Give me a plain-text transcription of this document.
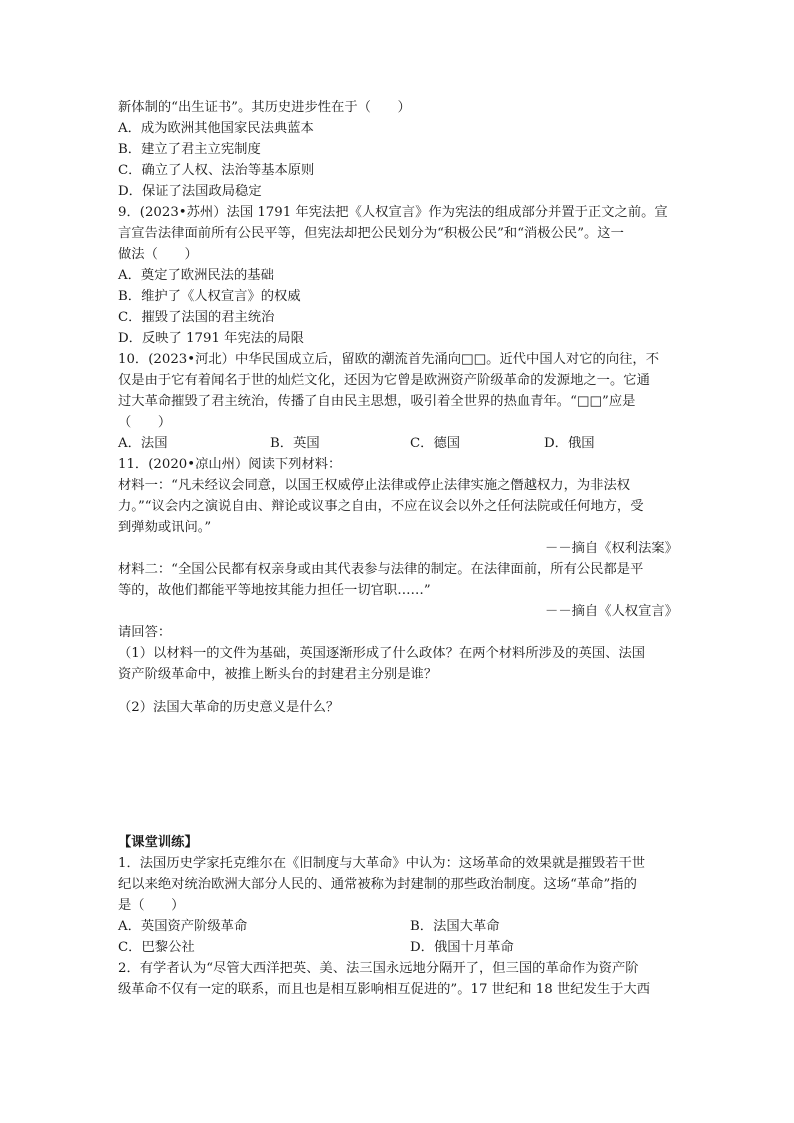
新体制的“出生证书”。其历史进步性在于（　　）
A．成为欧洲其他国家民法典蓝本
B．建立了君主立宪制度
C．确立了人权、法治等基本原则
D．保证了法国政局稳定
9．(2023•苏州）法国 1791 年宪法把《人权宣言》作为宪法的组成部分并置于正文之前。宣
言宣告法律面前所有公民平等，但宪法却把公民划分为“积极公民”和“消极公民”。这一
做法（　　）
A．奠定了欧洲民法的基础
B．维护了《人权宣言》的权威
C．摧毁了法国的君主统治
D．反映了 1791 年宪法的局限
10．(2023•河北）中华民国成立后，留欧的潮流首先涌向□□。近代中国人对它的向往，不
仅是由于它有着闻名于世的灿烂文化，还因为它曾是欧洲资产阶级革命的发源地之一。它通
过大革命摧毁了君主统治，传播了自由民主思想，吸引着全世界的热血青年。“□□”应是
（　　）
A．法国	B．英国	C．德国	D．俄国
11．(2020•凉山州）阅读下列材料：
材料一：“凡未经议会同意，以国王权威停止法律或停止法律实施之僭越权力，为非法权
力。”“议会内之演说自由、辩论或议事之自由，不应在议会以外之任何法院或任何地方，受
到弹劾或讯问。”
－－摘自《权利法案》
材料二：“全国公民都有权亲身或由其代表参与法律的制定。在法律面前，所有公民都是平
等的，故他们都能平等地按其能力担任一切官职……”
－－摘自《人权宣言》
请回答：
（1）以材料一的文件为基础，英国逐渐形成了什么政体？在两个材料所涉及的英国、法国
资产阶级革命中，被推上断头台的封建君主分别是谁？
（2）法国大革命的历史意义是什么？
【课堂训练】
1．法国历史学家托克维尔在《旧制度与大革命》中认为：这场革命的效果就是摧毁若干世
纪以来绝对统治欧洲大部分人民的、通常被称为封建制的那些政治制度。这场“革命”指的
是（　　）
A．英国资产阶级革命	B．法国大革命
C．巴黎公社	D．俄国十月革命
2．有学者认为“尽管大西洋把英、美、法三国永远地分隔开了，但三国的革命作为资产阶
级革命不仅有一定的联系，而且也是相互影响相互促进的”。17 世纪和 18 世纪发生于大西
